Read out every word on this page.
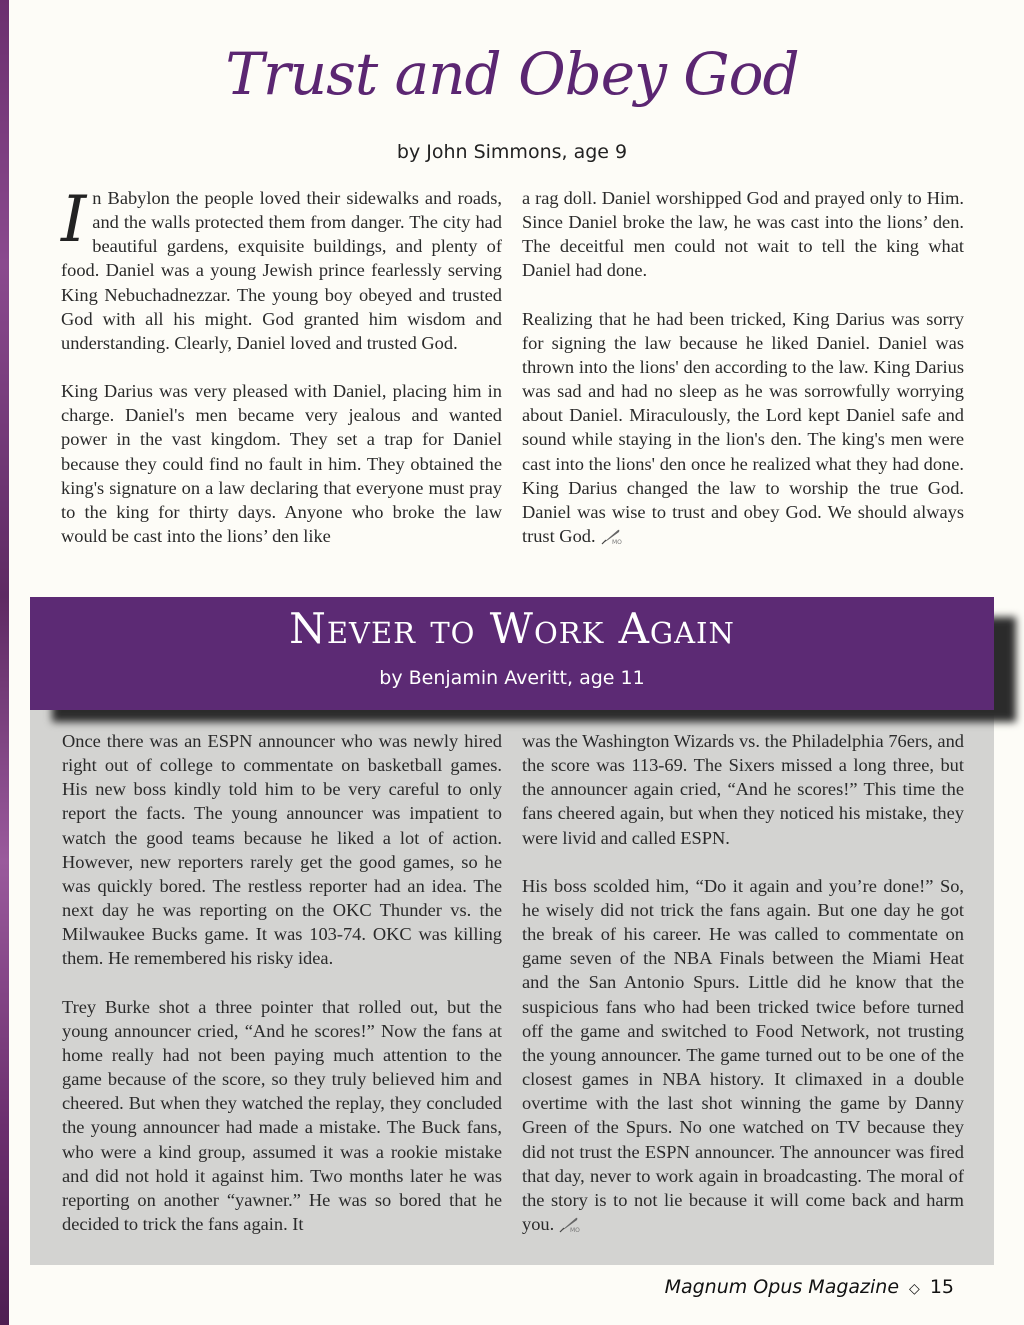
Trust and Obey God
by John Simmons, age 9

In Babylon the people loved their sidewalks and roads, and the walls protected them from danger. The city had beautiful gardens, exquisite buildings, and plenty of food. Daniel was a young Jewish prince fearlessly serving King Nebuchadnezzar. The young boy obeyed and trusted God with all his might. God granted him wisdom and understanding. Clearly, Daniel loved and trusted God.

King Darius was very pleased with Daniel, placing him in charge. Daniel's men became very jealous and wanted power in the vast kingdom. They set a trap for Daniel because they could find no fault in him. They obtained the king's signature on a law declaring that everyone must pray to the king for thirty days. Anyone who broke the law would be cast into the lions’ den like

a rag doll. Daniel worshipped God and prayed only to Him. Since Daniel broke the law, he was cast into the lions’ den. The deceitful men could not wait to tell the king what Daniel had done.

Realizing that he had been tricked, King Darius was sorry for signing the law because he liked Daniel. Daniel was thrown into the lions' den according to the law. King Darius was sad and had no sleep as he was sorrowfully worrying about Daniel. Miraculously, the Lord kept Daniel safe and sound while staying in the lion's den. The king's men were cast into the lions' den once he realized what they had done. King Darius changed the law to worship the true God. Daniel was wise to trust and obey God. We should always trust God.	MO

Never to Work Again
by Benjamin Averitt, age 11

Once there was an ESPN announcer who was newly hired right out of college to commentate on basketball games. His new boss kindly told him to be very careful to only report the facts. The young announcer was impatient to watch the good teams because he liked a lot of action. However, new reporters rarely get the good games, so he was quickly bored. The restless reporter had an idea. The next day he was reporting on the OKC Thunder vs. the Milwaukee Bucks game. It was 103-74. OKC was killing them. He remembered his risky idea.

Trey Burke shot a three pointer that rolled out, but the young announcer cried, “And he scores!” Now the fans at home really had not been paying much attention to the game because of the score, so they truly believed him and cheered. But when they watched the replay, they concluded the young announcer had made a mistake. The Buck fans, who were a kind group, assumed it was a rookie mistake and did not hold it against him. Two months later he was reporting on another “yawner.” He was so bored that he decided to trick the fans again. It

was the Washington Wizards vs. the Philadelphia 76ers, and the score was 113-69. The Sixers missed a long three, but the announcer again cried, “And he scores!” This time the fans cheered again, but when they noticed his mistake, they were livid and called ESPN.

His boss scolded him, “Do it again and you’re done!” So, he wisely did not trick the fans again. But one day he got the break of his career. He was called to commentate on game seven of the NBA Finals between the Miami Heat and the San Antonio Spurs. Little did he know that the suspicious fans who had been tricked twice before turned off the game and switched to Food Network, not trusting the young announcer. The game turned out to be one of the closest games in NBA history. It climaxed in a double overtime with the last shot winning the game by Danny Green of the Spurs. No one watched on TV because they did not trust the ESPN announcer. The announcer was fired that day, never to work again in broadcasting. The moral of the story is to not lie because it will come back and harm you.	MO

Magnum Opus Magazine ◇ 15
